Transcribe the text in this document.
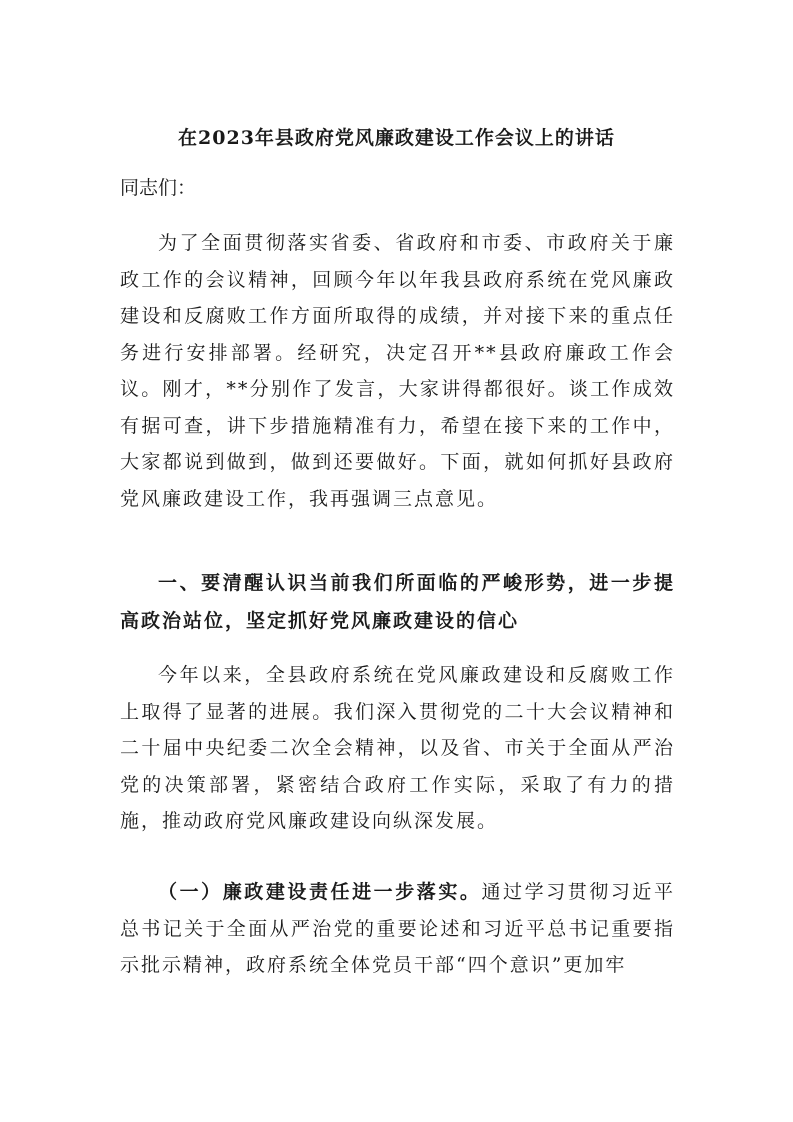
在2023年县政府党风廉政建设工作会议上的讲话
同志们：
为了全面贯彻落实省委、省政府和市委、市政府关于廉政工作的会议精神，回顾今年以年我县政府系统在党风廉政建设和反腐败工作方面所取得的成绩，并对接下来的重点任务进行安排部署。经研究，决定召开**县政府廉政工作会议。刚才，**分别作了发言，大家讲得都很好。谈工作成效有据可查，讲下步措施精准有力，希望在接下来的工作中，大家都说到做到，做到还要做好。下面，就如何抓好县政府党风廉政建设工作，我再强调三点意见。
一、要清醒认识当前我们所面临的严峻形势，进一步提高政治站位，坚定抓好党风廉政建设的信心
今年以来，全县政府系统在党风廉政建设和反腐败工作上取得了显著的进展。我们深入贯彻党的二十大会议精神和二十届中央纪委二次全会精神，以及省、市关于全面从严治党的决策部署，紧密结合政府工作实际，采取了有力的措施，推动政府党风廉政建设向纵深发展。
（一）廉政建设责任进一步落实。通过学习贯彻习近平总书记关于全面从严治党的重要论述和习近平总书记重要指示批示精神，政府系统全体党员干部“四个意识”更加牢
